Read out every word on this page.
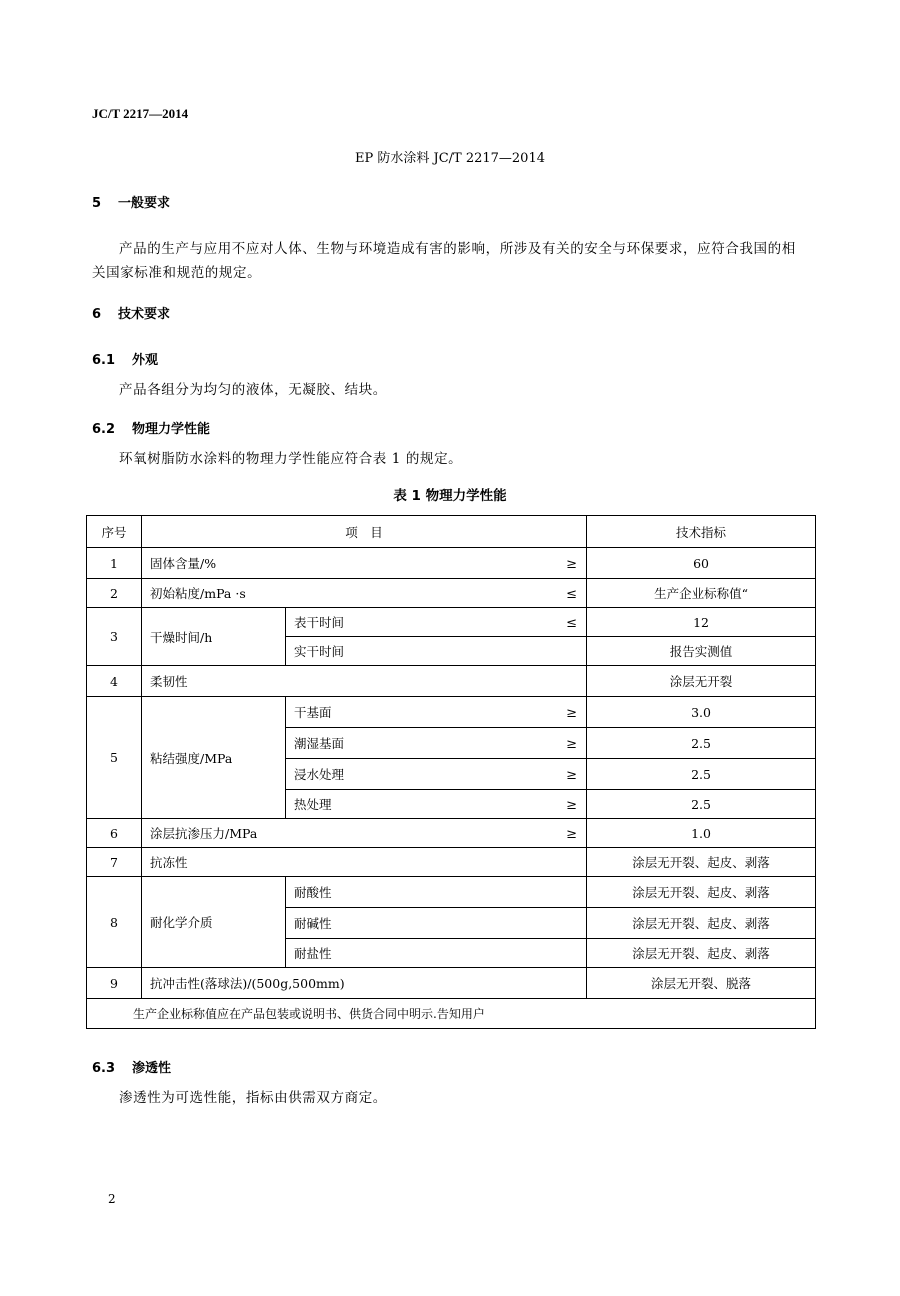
JC/T 2217—2014
EP 防水涂料 JC/T 2217—2014
5 一般要求
产品的生产与应用不应对人体、生物与环境造成有害的影响，所涉及有关的安全与环保要求，应符合我国的相关国家标准和规范的规定。
6 技术要求
6.1 外观
产品各组分为均匀的液体，无凝胶、结块。
6.2 物理力学性能
环氧树脂防水涂料的物理力学性能应符合表 1 的规定。
表 1 物理力学性能
序号	项　目		技术指标
1	固体含量/% ≥		60
2	初始粘度/mPa ·s ≤		生产企业标称值“
3	干燥时间/h	表干时间 ≤	12
		实干时间	报告实测值
4	柔韧性		涂层无开裂
5	粘结强度/MPa	干基面 ≥	3.0
		潮湿基面 ≥	2.5
		浸水处理 ≥	2.5
		热处理 ≥	2.5
6	涂层抗渗压力/MPa ≥		1.0
7	抗冻性		涂层无开裂、起皮、剥落
8	耐化学介质	耐酸性	涂层无开裂、起皮、剥落
		耐碱性	涂层无开裂、起皮、剥落
		耐盐性	涂层无开裂、起皮、剥落
9	抗冲击性(落球法)/(500g,500mm)		涂层无开裂、脱落
生产企业标称值应在产品包装或说明书、供货合同中明示.告知用户			
6.3 渗透性
渗透性为可选性能，指标由供需双方商定。
2
